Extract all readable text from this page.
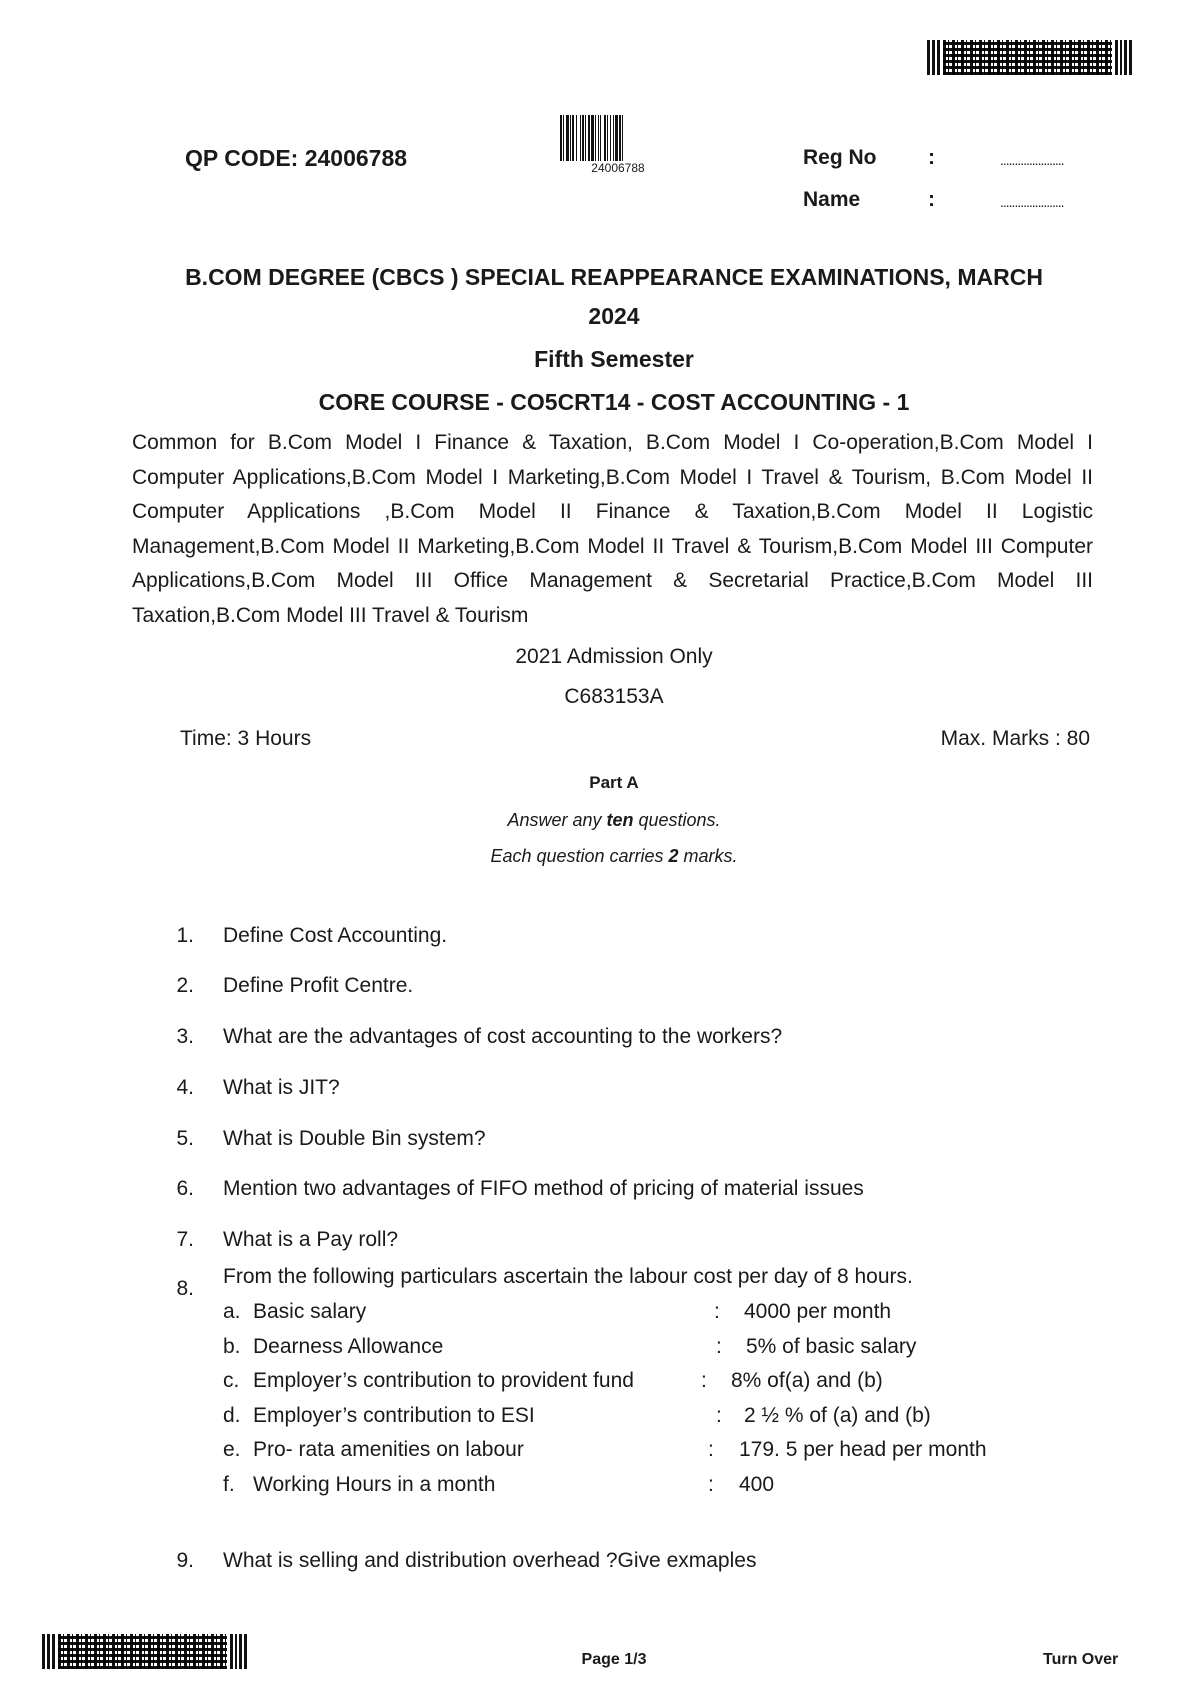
QP CODE: 24006788	24006788	Reg No :	......................
Name	:	......................
B.COM DEGREE (CBCS ) SPECIAL REAPPEARANCE EXAMINATIONS, MARCH
2024
Fifth Semester
CORE COURSE - CO5CRT14 - COST ACCOUNTING - 1
Common for B.Com Model I Finance & Taxation, B.Com Model I Co-operation,B.Com Model I Computer Applications,B.Com Model I Marketing,B.Com Model I Travel & Tourism, B.Com Model II Computer Applications ,B.Com Model II Finance & Taxation,B.Com Model II Logistic Management,B.Com Model II Marketing,B.Com Model II Travel & Tourism,B.Com Model III Computer Applications,B.Com Model III Office Management & Secretarial Practice,B.Com Model III Taxation,B.Com Model III Travel & Tourism
2021 Admission Only
C683153A
Time: 3 Hours	Max. Marks : 80
Part A
Answer any ten questions.
Each question carries 2 marks.
1. Define Cost Accounting.
2. Define Profit Centre.
3. What are the advantages of cost accounting to the workers?
4. What is JIT?
5. What is Double Bin system?
6. Mention two advantages of FIFO method of pricing of material issues
7. What is a Pay roll?
8.
From the following particulars ascertain the labour cost per day of 8 hours.
a. Basic salary	: 4000 per month
b. Dearness Allowance	: 5% of basic salary
c. Employer’s contribution to provident fund	: 8% of(a) and (b)
d. Employer’s contribution to ESI	: 2 ½ % of (a) and (b)
e. Pro- rata amenities on labour	: 179. 5 per head per month
f. Working Hours in a month	: 400
9. What is selling and distribution overhead ?Give exmaples
Page 1/3	Turn Over
